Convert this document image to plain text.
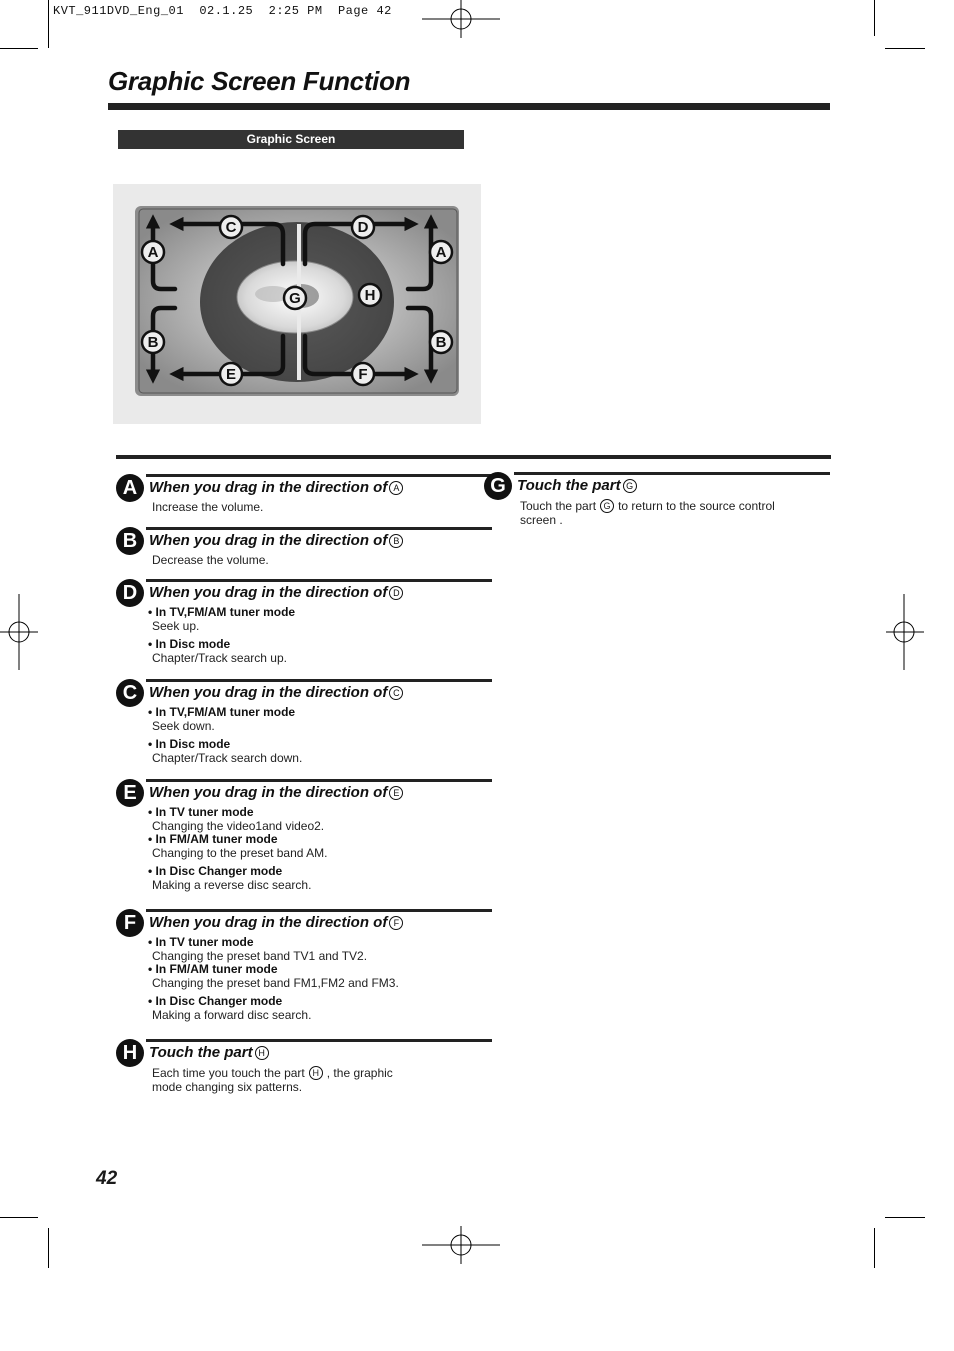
KVT_911DVD_Eng_01  02.1.25  2:25 PM  Page 42
Graphic Screen Function
Graphic Screen
A	A
B	B
C	D
E	F
G	H
A When you drag in the direction of A
Increase the volume.
B When you drag in the direction of B
Decrease the volume.
D When you drag in the direction of D
• In TV,FM/AM tuner mode
Seek up.
• In Disc mode
Chapter/Track search up.
C When you drag in the direction of C
• In TV,FM/AM tuner mode
Seek down.
• In Disc mode
Chapter/Track search down.
E When you drag in the direction of E
• In TV tuner mode
Changing the video1and video2.
• In FM/AM tuner mode
Changing to the preset band AM.
• In Disc Changer mode
Making a reverse disc search.
F When you drag in the direction of F
• In TV tuner mode
Changing the preset band TV1 and TV2.
• In FM/AM tuner mode
Changing the preset band FM1,FM2 and FM3.
• In Disc Changer mode
Making a forward disc search.
H Touch the part H
Each time you touch the part H , the graphic
mode changing six patterns.
G Touch the part G
Touch the part G to return to the source control
screen .
42
